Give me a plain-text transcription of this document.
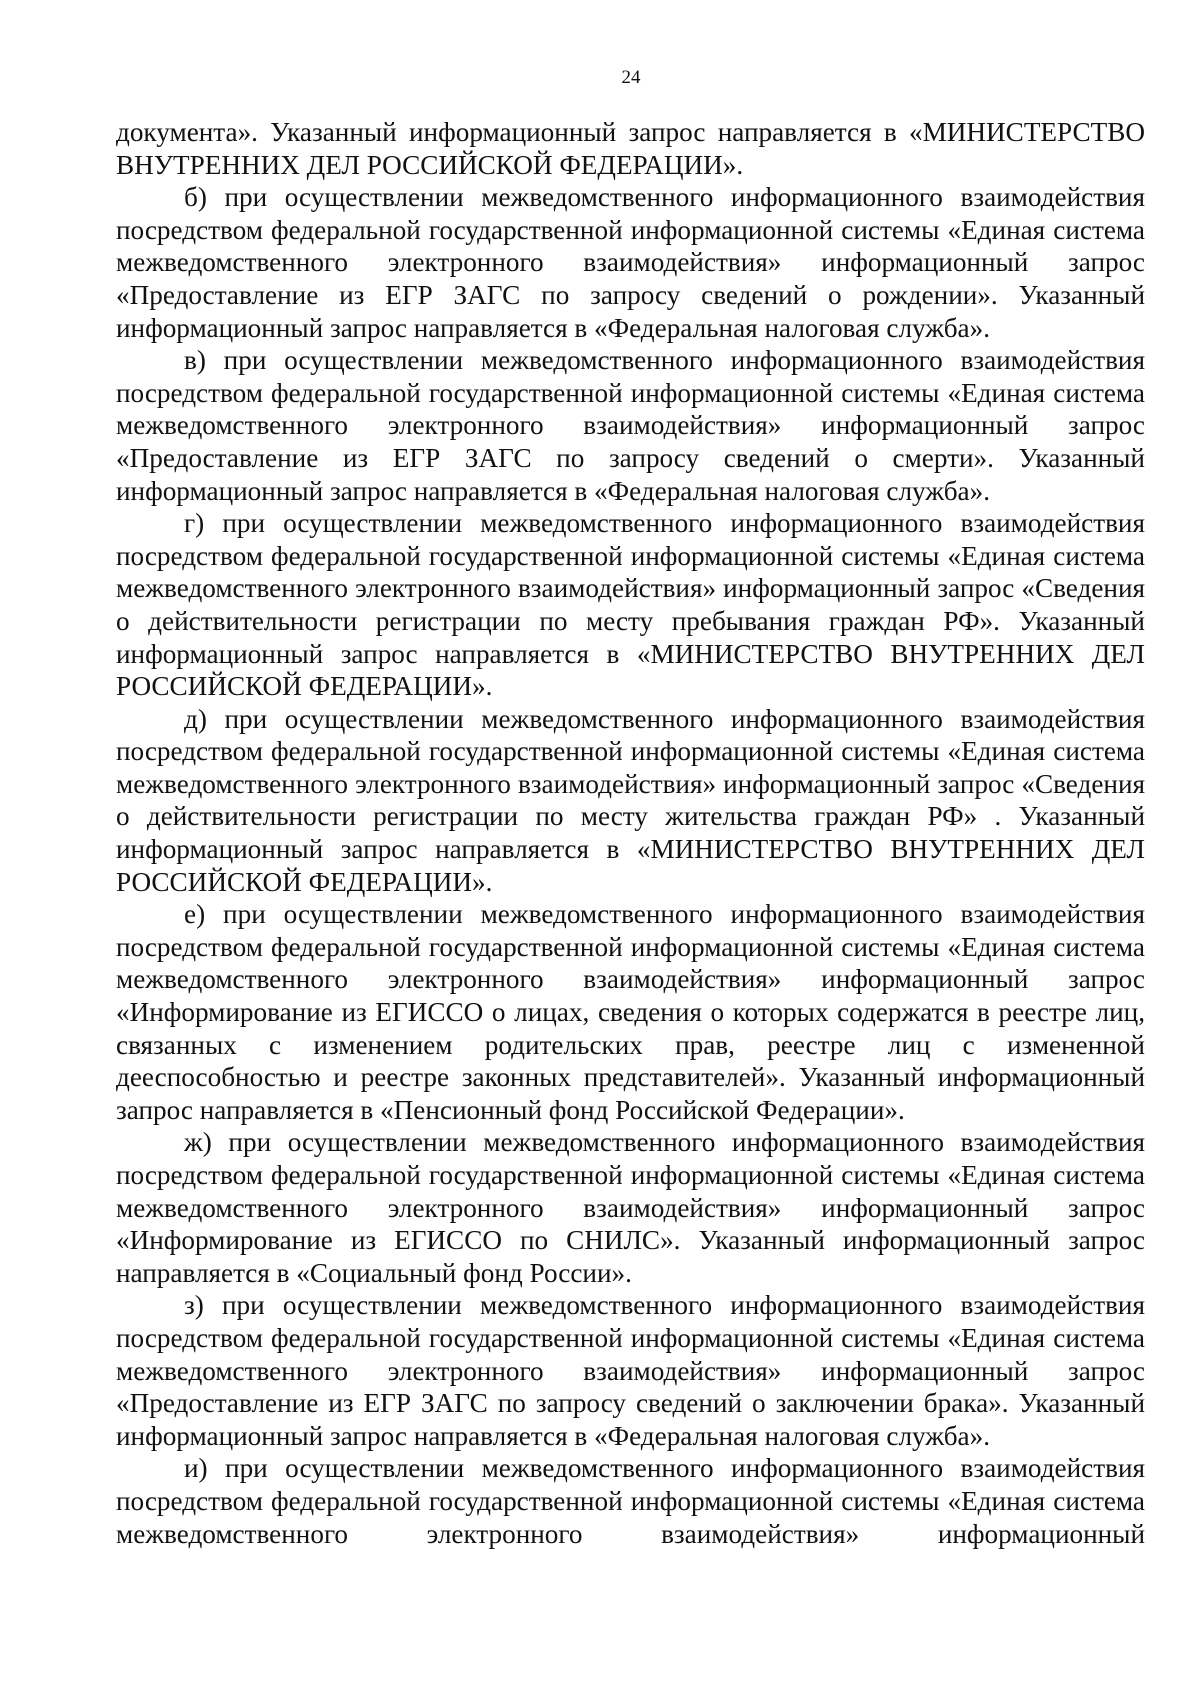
24

документа». Указанный информационный запрос направляется в «МИНИСТЕРСТВО ВНУТРЕННИХ ДЕЛ РОССИЙСКОЙ ФЕДЕРАЦИИ».

б) при осуществлении межведомственного информационного взаимодействия посредством федеральной государственной информационной системы «Единая система межведомственного электронного взаимодействия» информационный запрос «Предоставление из ЕГР ЗАГС по запросу сведений о рождении». Указанный информационный запрос направляется в «Федеральная налоговая служба».

в) при осуществлении межведомственного информационного взаимодействия посредством федеральной государственной информационной системы «Единая система межведомственного электронного взаимодействия» информационный запрос «Предоставление из ЕГР ЗАГС по запросу сведений о смерти». Указанный информационный запрос направляется в «Федеральная налоговая служба».

г) при осуществлении межведомственного информационного взаимодействия посредством федеральной государственной информационной системы «Единая система межведомственного электронного взаимодействия» информационный запрос «Сведения о действительности регистрации по месту пребывания граждан РФ». Указанный информационный запрос направляется в «МИНИСТЕРСТВО ВНУТРЕННИХ ДЕЛ РОССИЙСКОЙ ФЕДЕРАЦИИ».

д) при осуществлении межведомственного информационного взаимодействия посредством федеральной государственной информационной системы «Единая система межведомственного электронного взаимодействия» информационный запрос «Сведения о действительности регистрации по месту жительства граждан РФ» . Указанный информационный запрос направляется в «МИНИСТЕРСТВО ВНУТРЕННИХ ДЕЛ РОССИЙСКОЙ ФЕДЕРАЦИИ».

е) при осуществлении межведомственного информационного взаимодействия посредством федеральной государственной информационной системы «Единая система межведомственного электронного взаимодействия» информационный запрос «Информирование из ЕГИССО о лицах, сведения о которых содержатся в реестре лиц, связанных с изменением родительских прав, реестре лиц с измененной дееспособностью и реестре законных представителей». Указанный информационный запрос направляется в «Пенсионный фонд Российской Федерации».

ж) при осуществлении межведомственного информационного взаимодействия посредством федеральной государственной информационной системы «Единая система межведомственного электронного взаимодействия» информационный запрос «Информирование из ЕГИССО по СНИЛС». Указанный информационный запрос направляется в «Социальный фонд России».

з) при осуществлении межведомственного информационного взаимодействия посредством федеральной государственной информационной системы «Единая система межведомственного электронного взаимодействия» информационный запрос «Предоставление из ЕГР ЗАГС по запросу сведений о заключении брака». Указанный информационный запрос направляется в «Федеральная налоговая служба».

и) при осуществлении межведомственного информационного взаимодействия посредством федеральной государственной информационной системы «Единая система межведомственного электронного взаимодействия» информационный
